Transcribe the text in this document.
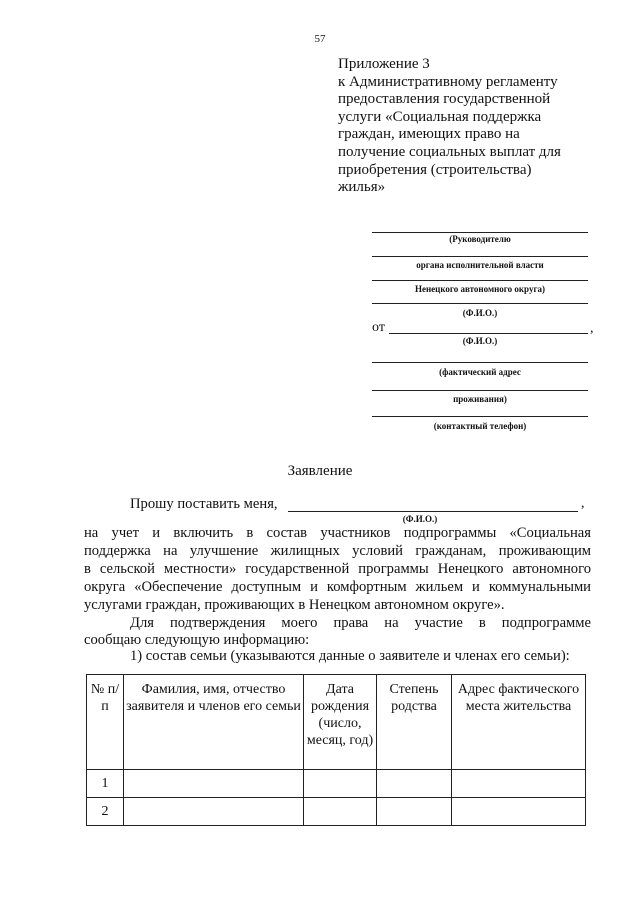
57
Приложение 3
к Административному регламенту
предоставления государственной
услуги «Социальная поддержка
граждан, имеющих право на
получение социальных выплат для
приобретения (строительства)
жилья»
(Руководителю
органа исполнительной власти
Ненецкого автономного округа)
(Ф.И.О.)
от	,
(Ф.И.О.)
(фактический адрес
проживания)
(контактный телефон)
Заявление
Прошу поставить меня,	,
(Ф.И.О.)
на учет и включить в состав участников подпрограммы «Социальная
поддержка на улучшение жилищных условий гражданам, проживающим
в сельской местности» государственной программы Ненецкого автономного
округа «Обеспечение доступным и комфортным жильем и коммунальными
услугами граждан, проживающих в Ненецком автономном округе».
Для подтверждения моего права на участие в подпрограмме
сообщаю следующую информацию:
1) состав семьи (указываются данные о заявителе и членах его семьи):
№ п/п	Фамилия, имя, отчество заявителя и членов его семьи	Дата рождения (число, месяц, год)	Степень родства	Адрес фактического места жительства
1				
2				
